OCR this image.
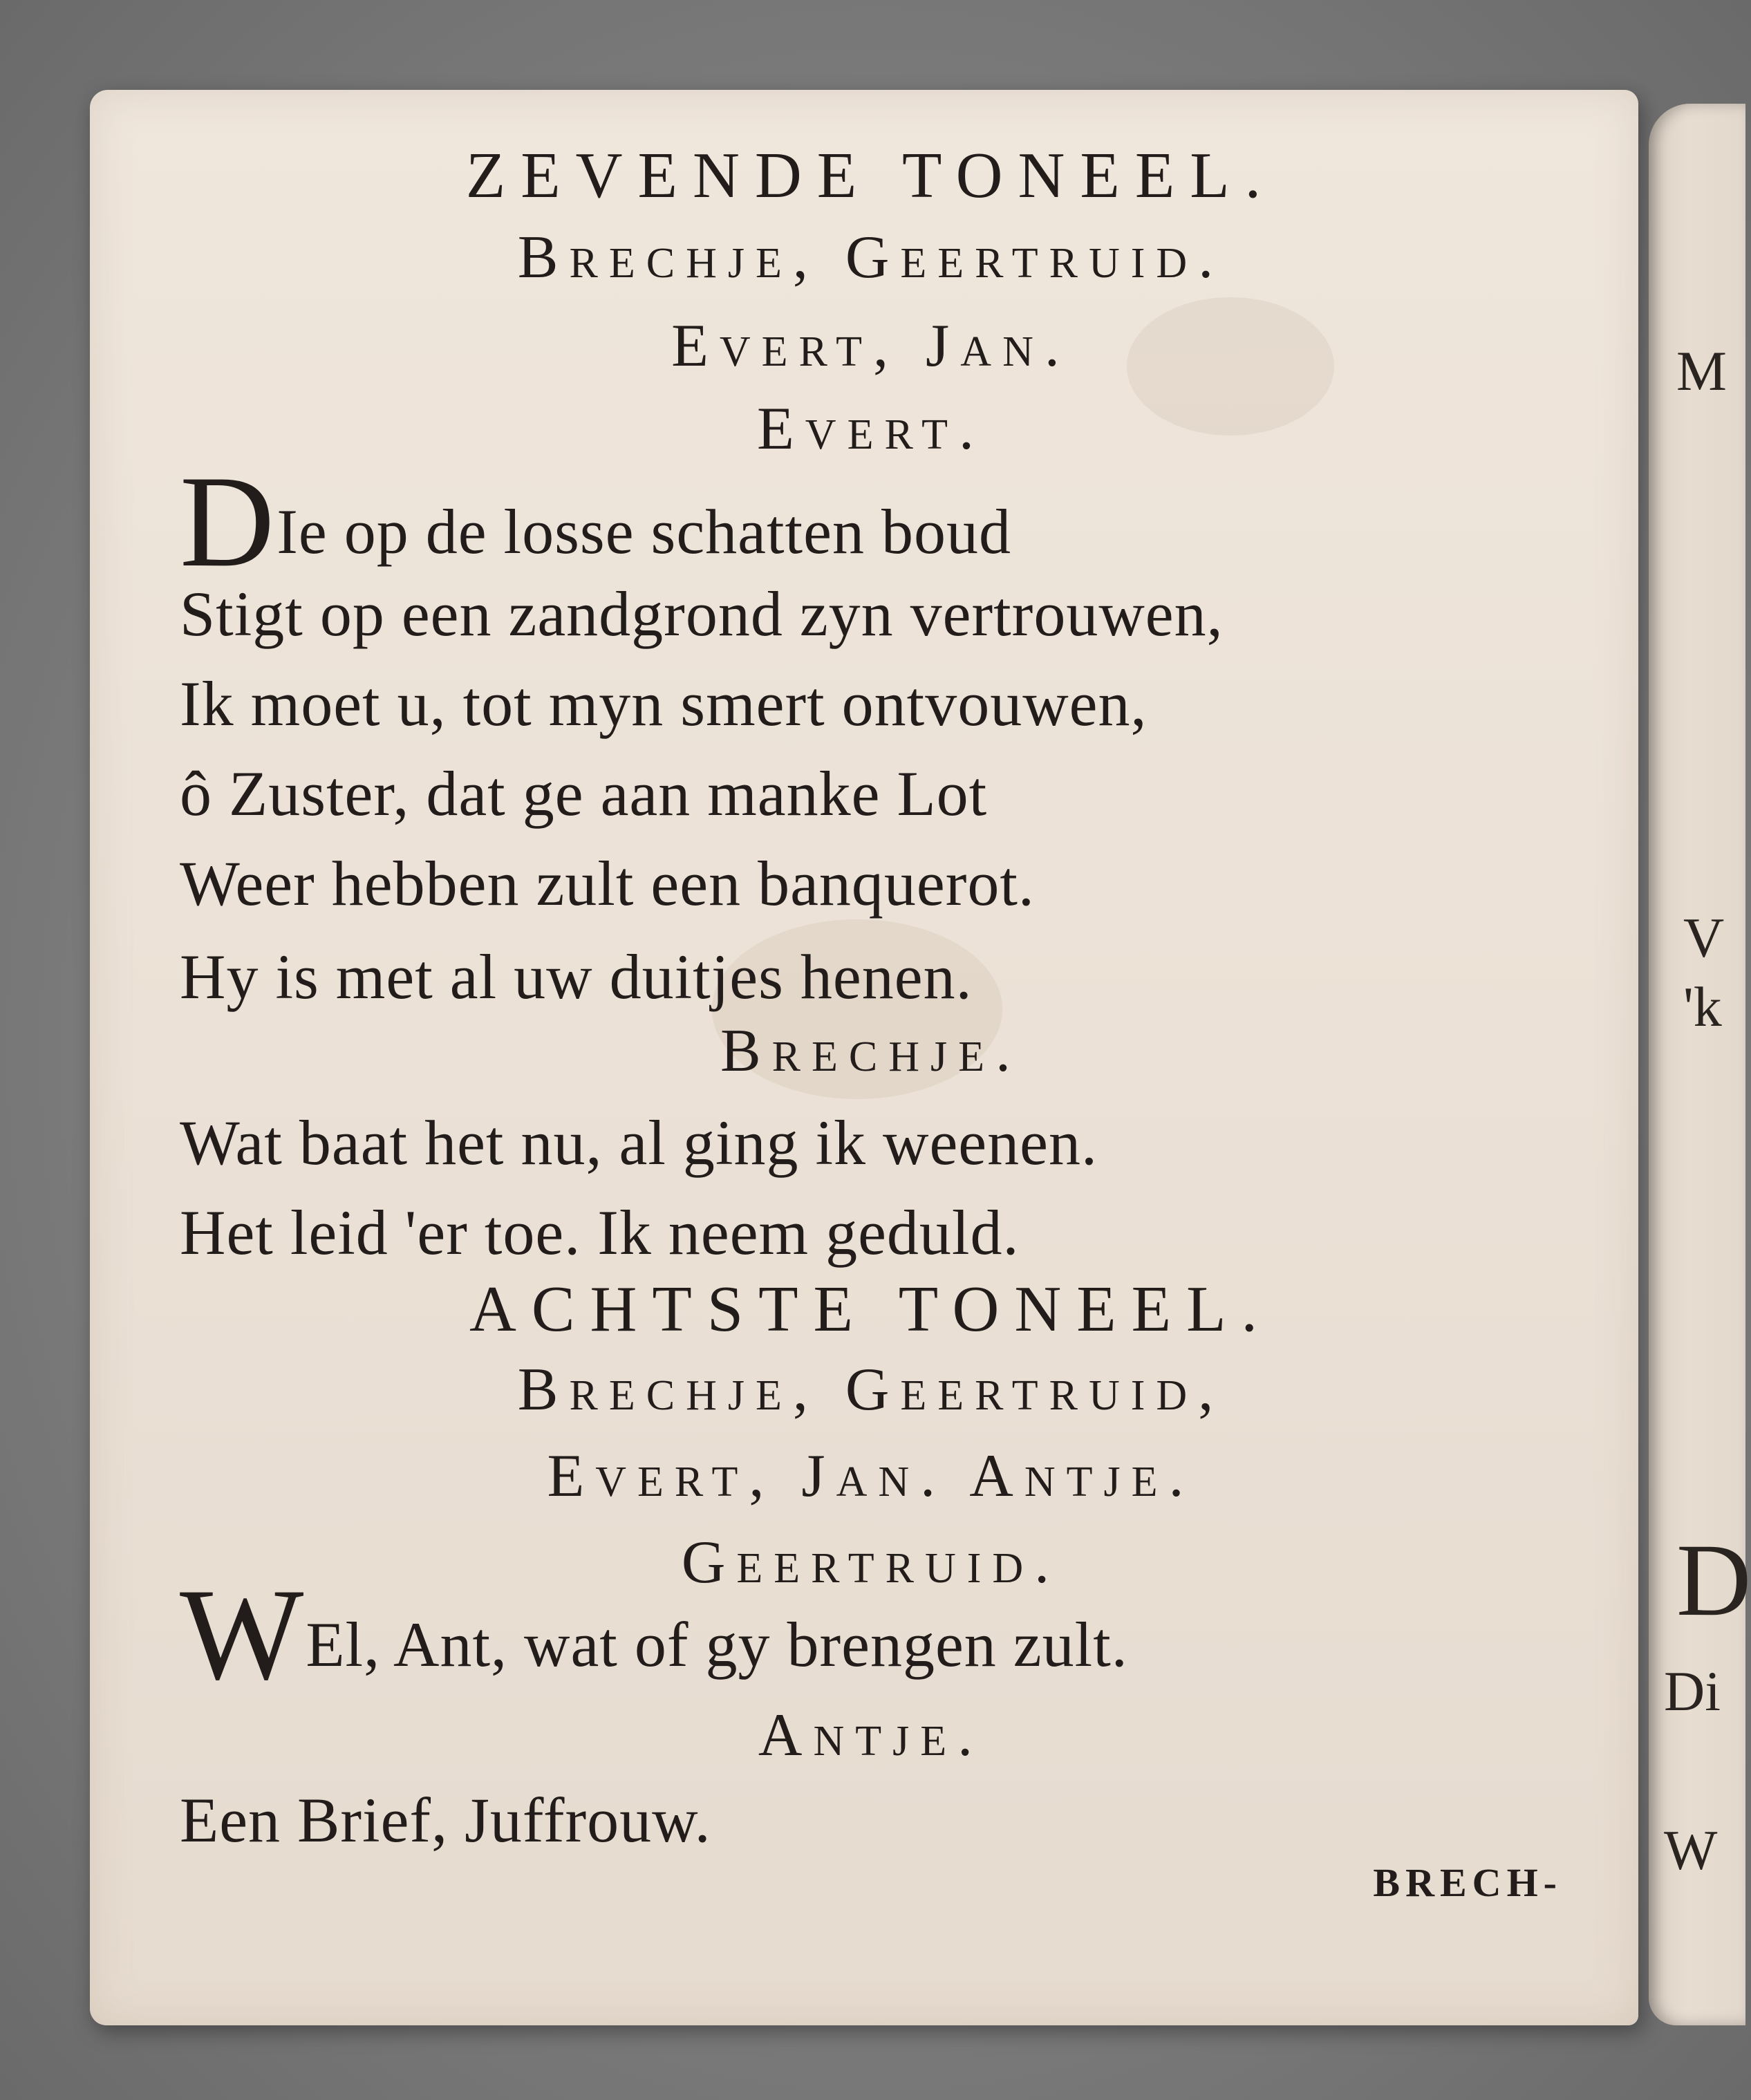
M
V
'k
D
Di
W
ZEVENDE TONEEL.
Brechje, Geertruid.
Evert, Jan.
Evert.
DIe op de losse schatten boud
Stigt op een zandgrond zyn vertrouwen,
Ik moet u, tot myn smert ontvouwen,
ô Zuster, dat ge aan manke Lot
Weer hebben zult een banquerot.
Hy is met al uw duitjes henen.
Brechje.
Wat baat het nu, al ging ik weenen.
Het leid 'er toe. Ik neem geduld.
ACHTSTE TONEEL.
Brechje, Geertruid,
Evert, Jan. Antje.
Geertruid.
WEl, Ant, wat of gy brengen zult.
Antje.
Een Brief, Juffrouw.
BRECH-
